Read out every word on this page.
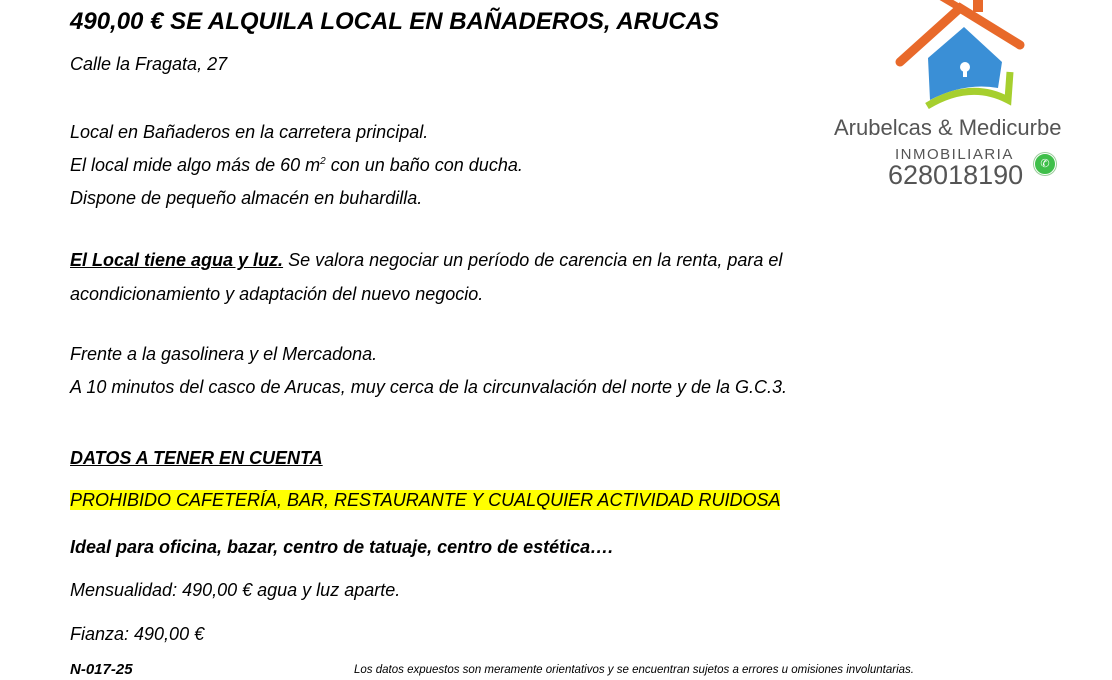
490,00 € SE ALQUILA LOCAL EN BAÑADEROS, ARUCAS
Calle la Fragata, 27
Local en Bañaderos en la carretera principal.
El local mide algo más de 60 $m^2$ con un baño con ducha.
Dispone de pequeño almacén en buhardilla.
El Local tiene agua y luz. Se valora negociar un período de carencia en la renta, para el
acondicionamiento y adaptación del nuevo negocio.
Frente a la gasolinera y el Mercadona.
A 10 minutos del casco de Arucas, muy cerca de la circunvalación del norte y de la G.C.3.
DATOS A TENER EN CUENTA
PROHIBIDO CAFETERÍA, BAR, RESTAURANTE Y CUALQUIER ACTIVIDAD RUIDOSA
Ideal para oficina, bazar, centro de tatuaje, centro de estética….
Mensualidad: 490,00 € agua y luz aparte.
Fianza: 490,00 €
Arubelcas & Medicurbe
INMOBILIARIA
628018190	✆
N-017-25	Los datos expuestos son meramente orientativos y se encuentran sujetos a errores u omisiones involuntarias.
